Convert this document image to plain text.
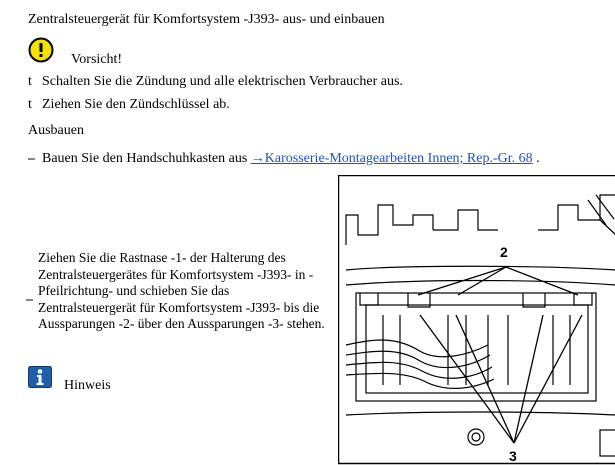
Zentralsteuergerät für Komfortsystem -J393- aus- und einbauen
Vorsicht!
t Schalten Sie die Zündung und alle elektrischen Verbraucher aus.
t Ziehen Sie den Zündschlüssel ab.
Ausbauen
– Bauen Sie den Handschuhkasten aus →Karosserie-Montagearbeiten Innen; Rep.-Gr. 68 .
–
Ziehen Sie die Rastnase -1- der Halterung des Zentralsteuergerätes für Komfortsystem -J393- in -Pfeilrichtung- und schieben Sie das Zentralsteuergerät für Komfortsystem -J393- bis die Aussparungen -2- über den Aussparungen -3- stehen.
Hinweis
2
3
